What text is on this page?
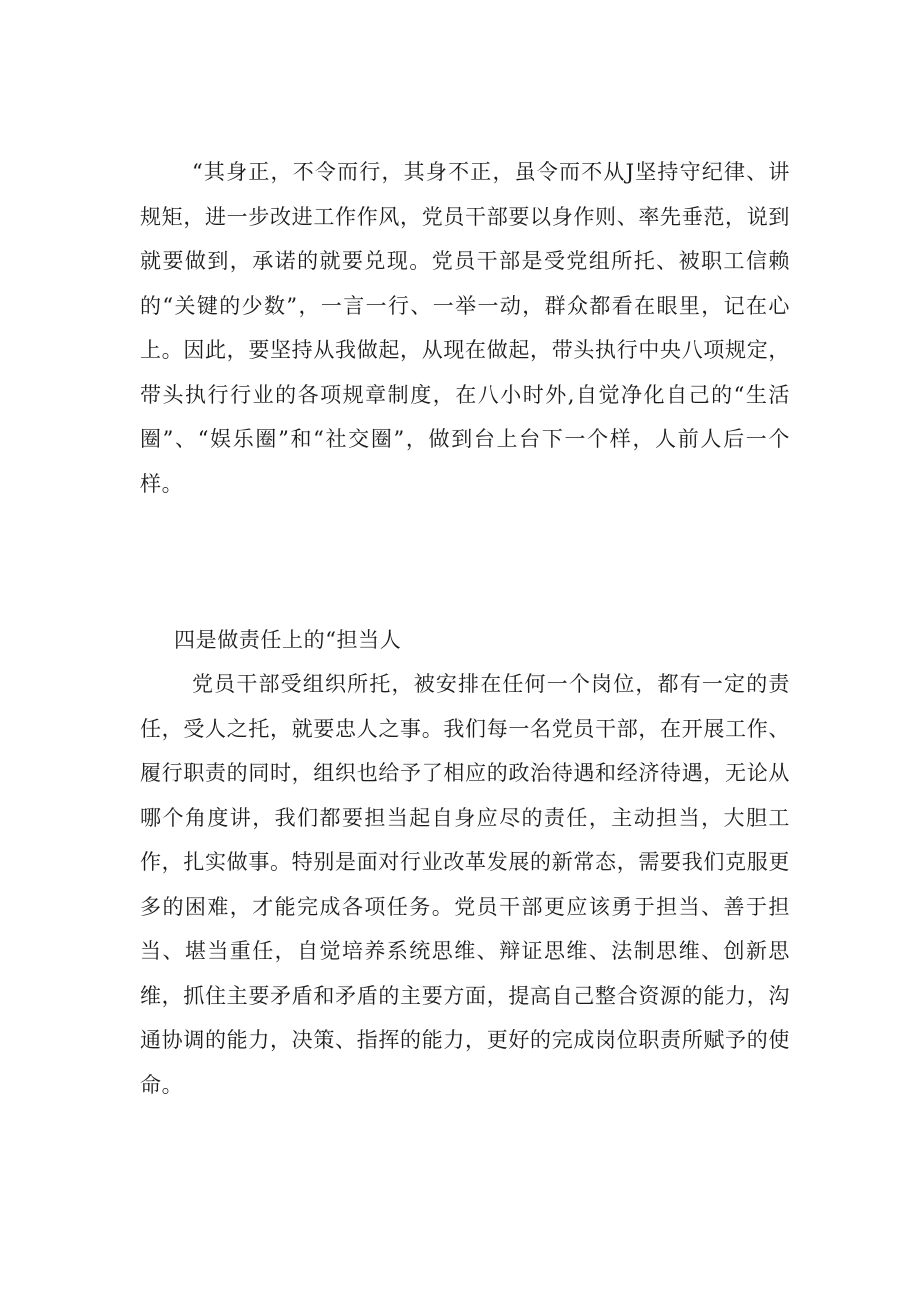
“其身正，不令而行，其身不正，虽令而不从J坚持守纪律、讲规矩，进一步改进工作作风，党员干部要以身作则、率先垂范，说到就要做到，承诺的就要兑现。党员干部是受党组所托、被职工信赖的“关键的少数”，一言一行、一举一动，群众都看在眼里，记在心上。因此，要坚持从我做起，从现在做起，带头执行中央八项规定，带头执行行业的各项规章制度，在八小时外,自觉净化自己的“生活圈”、“娱乐圈”和“社交圈”，做到台上台下一个样，人前人后一个样。

四是做责任上的“担当人

党员干部受组织所托，被安排在任何一个岗位，都有一定的责任，受人之托，就要忠人之事。我们每一名党员干部，在开展工作、履行职责的同时，组织也给予了相应的政治待遇和经济待遇，无论从哪个角度讲，我们都要担当起自身应尽的责任，主动担当，大胆工作，扎实做事。特别是面对行业改革发展的新常态，需要我们克服更多的困难，才能完成各项任务。党员干部更应该勇于担当、善于担当、堪当重任，自觉培养系统思维、辩证思维、法制思维、创新思维，抓住主要矛盾和矛盾的主要方面，提高自己整合资源的能力，沟通协调的能力，决策、指挥的能力，更好的完成岗位职责所赋予的使命。
